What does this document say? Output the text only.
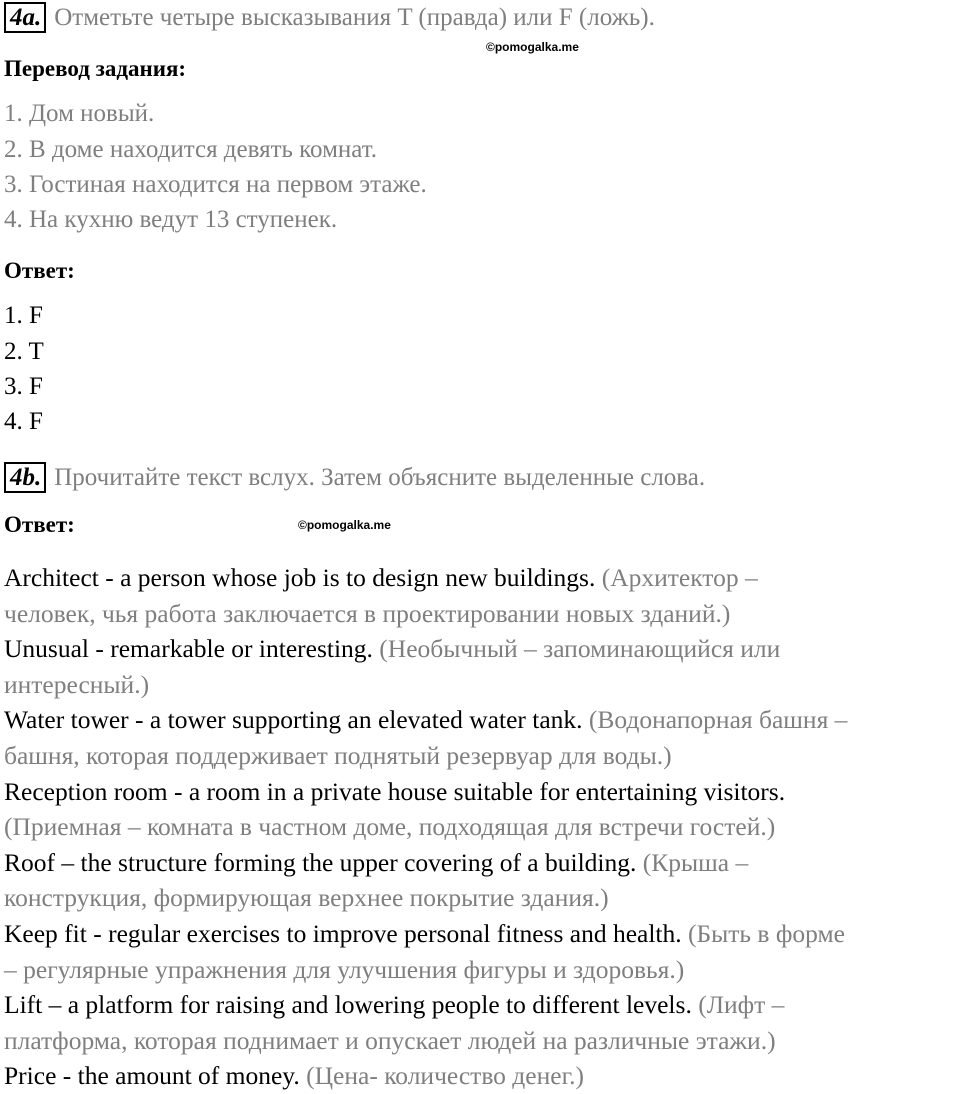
4a. Отметьте четыре высказывания T (правда) или F (ложь).
©pomogalka.me
Перевод задания:
1. Дом новый.
2. В доме находится девять комнат.
3. Гостиная находится на первом этаже.
4. На кухню ведут 13 ступенек.
Ответ:
1. F
2. T
3. F
4. F
4b. Прочитайте текст вслух. Затем объясните выделенные слова.
Ответ:	©pomogalka.me
Architect - a person whose job is to design new buildings. (Архитектор –
человек, чья работа заключается в проектировании новых зданий.)
Unusual - remarkable or interesting. (Необычный – запоминающийся или
интересный.)
Water tower - a tower supporting an elevated water tank. (Водонапорная башня –
башня, которая поддерживает поднятый резервуар для воды.)
Reception room - a room in a private house suitable for entertaining visitors.
(Приемная – комната в частном доме, подходящая для встречи гостей.)
Roof – the structure forming the upper covering of a building. (Крыша –
конструкция, формирующая верхнее покрытие здания.)
Keep fit - regular exercises to improve personal fitness and health. (Быть в форме
– регулярные упражнения для улучшения фигуры и здоровья.)
Lift – a platform for raising and lowering people to different levels. (Лифт –
платформа, которая поднимает и опускает людей на различные этажи.)
Price - the amount of money. (Цена- количество денег.)
